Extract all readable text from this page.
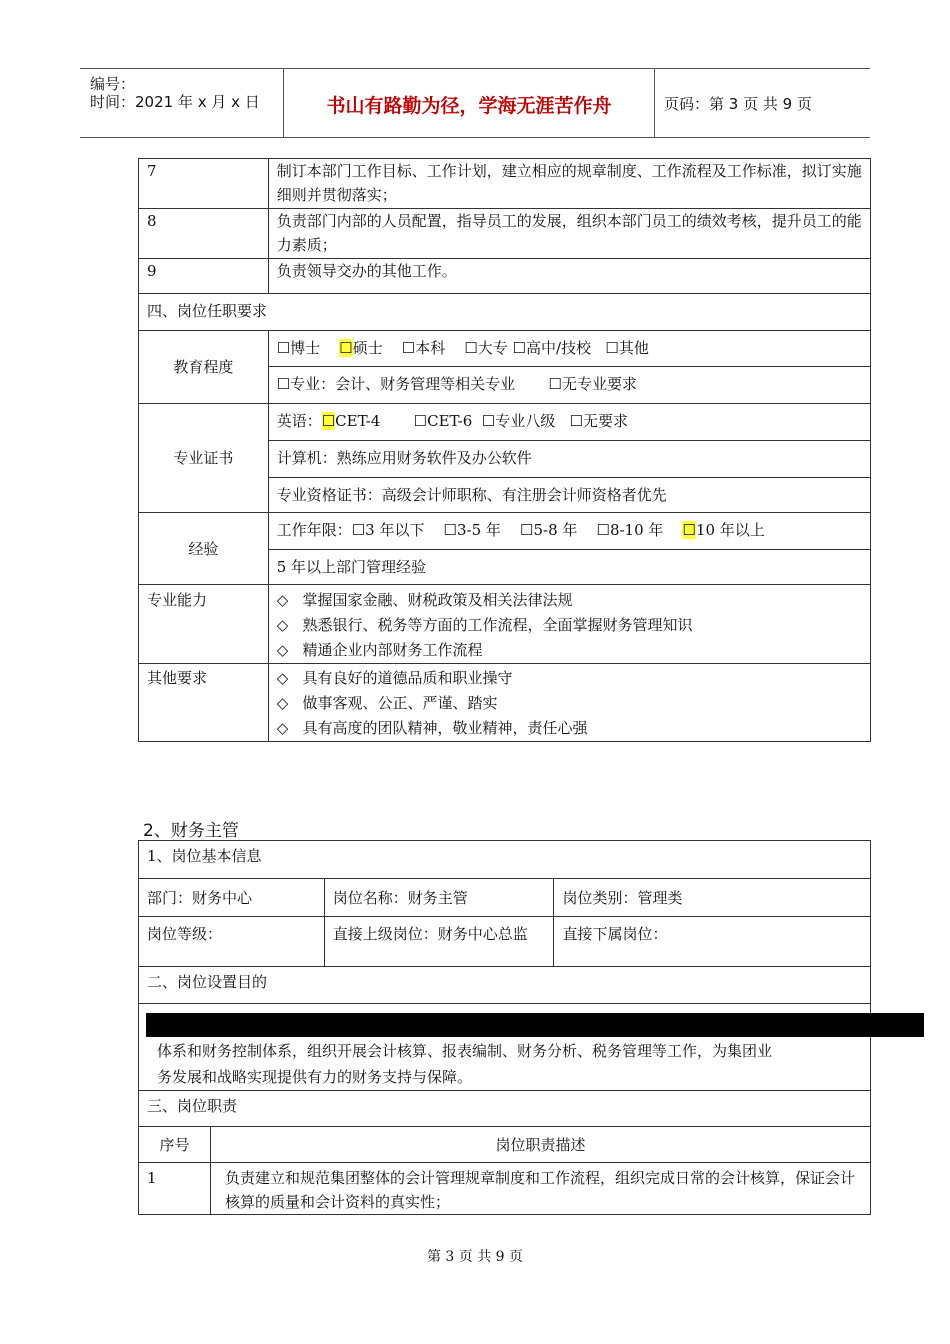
编号：
时间：2021 年 x 月 x 日	书山有路勤为径，学海无涯苦作舟	页码：第 3 页 共 9 页
7	制订本部门工作目标、工作计划，建立相应的规章制度、工作流程及工作标准，拟订实施细则并贯彻落实；
8	负责部门内部的人员配置，指导员工的发展，组织本部门员工的绩效考核，提升员工的能力素质；
9	负责领导交办的其他工作。
四、岗位任职要求	
教育程度	☐博士 ☐硕士 ☐本科 ☐大专 ☐高中/技校 ☐其他
	☐专业：会计、财务管理等相关专业 ☐无专业要求
专业证书	英语：☐CET-4 ☐CET-6 ☐专业八级 ☐无要求
	计算机：熟练应用财务软件及办公软件
	专业资格证书：高级会计师职称、有注册会计师资格者优先
经验	工作年限：☐3 年以下 ☐3-5 年 ☐5-8 年 ☐8-10 年 ☐10 年以上
	5 年以上部门管理经验
专业能力	◇   掌握国家金融、财税政策及相关法律法规
◇   熟悉银行、税务等方面的工作流程，全面掌握财务管理知识
◇   精通企业内部财务工作流程

其他要求	◇   具有良好的道德品质和职业操守
◇   做事客观、公正、严谨、踏实
◇   具有高度的团队精神，敬业精神，责任心强
2、财务主管
1、岗位基本信息			
部门：财务中心		岗位名称：财务主管	岗位类别：管理类
岗位等级：		直接上级岗位：财务中心总监	直接下属岗位：
二、岗位设置目的			

体系和财务控制体系，组织开展会计核算、报表编制、财务分析、税务管理等工作，为集团业
务发展和战略实现提供有力的财务支持与保障。			

三、岗位职责			
序号	岗位职责描述		
1	负责建立和规范集团整体的会计管理规章制度和工作流程，组织完成日常的会计核算，保证会计核算的质量和会计资料的真实性；		
第 3 页 共 9 页
